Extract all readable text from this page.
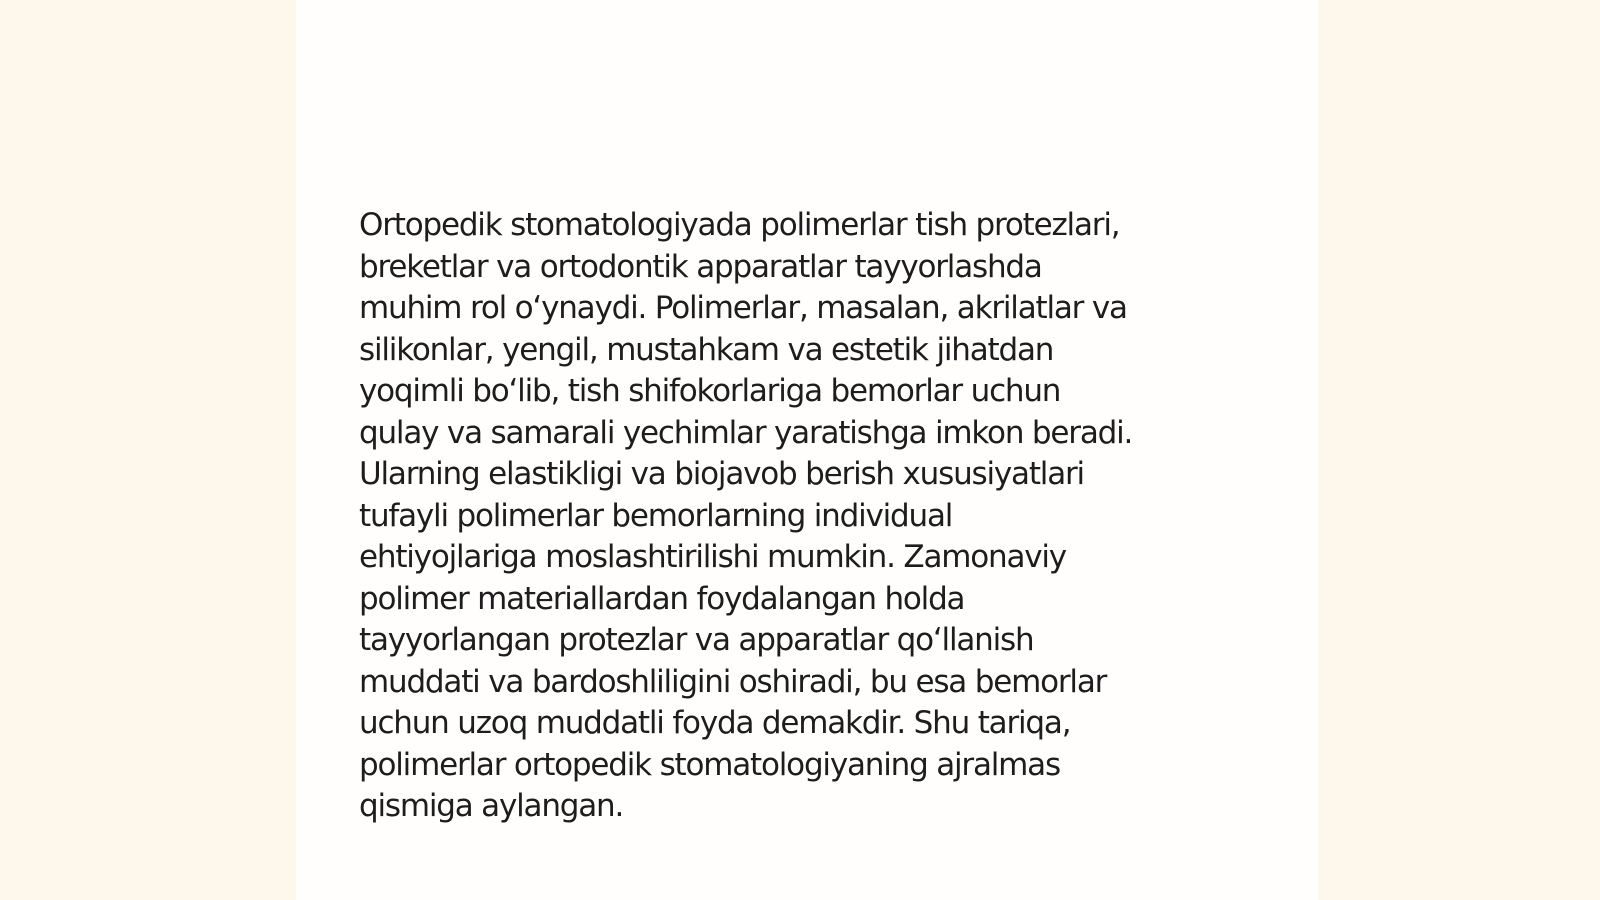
Ortopedik stomatologiyada polimerlar tish protezlari,
breketlar va ortodontik apparatlar tayyorlashda
muhim rol o‘ynaydi. Polimerlar, masalan, akrilatlar va
silikonlar, yengil, mustahkam va estetik jihatdan
yoqimli bo‘lib, tish shifokorlariga bemorlar uchun
qulay va samarali yechimlar yaratishga imkon beradi.
Ularning elastikligi va biojavob berish xususiyatlari
tufayli polimerlar bemorlarning individual
ehtiyojlariga moslashtirilishi mumkin. Zamonaviy
polimer materiallardan foydalangan holda
tayyorlangan protezlar va apparatlar qo‘llanish
muddati va bardoshliligini oshiradi, bu esa bemorlar
uchun uzoq muddatli foyda demakdir. Shu tariqa,
polimerlar ortopedik stomatologiyaning ajralmas
qismiga aylangan.
